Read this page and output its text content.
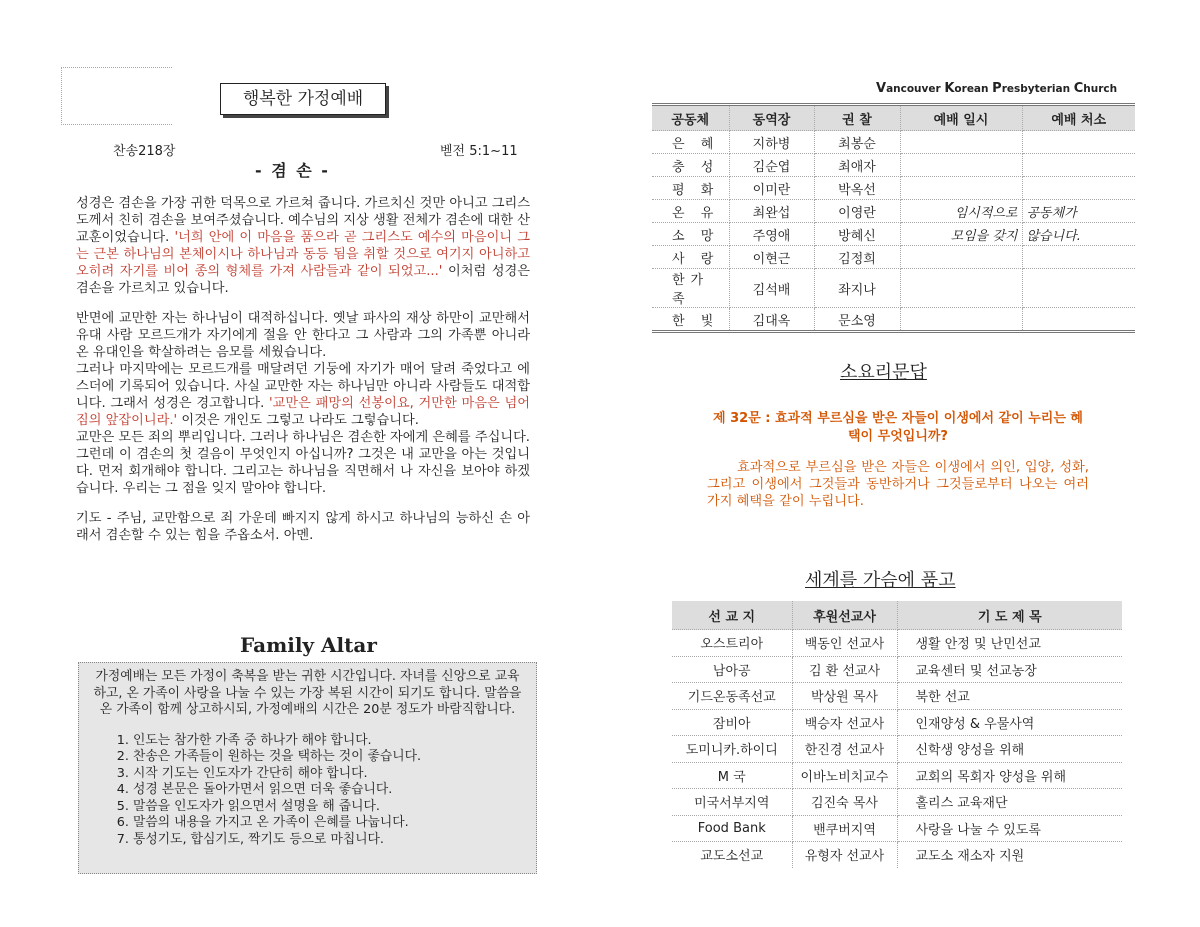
행복한 가정예배
찬송218장	벧전 5:1~11
- 겸 손 -

성경은 겸손을 가장 귀한 덕목으로 가르쳐 줍니다. 가르치신 것만 아니고 그리스도께서 친히 겸손을 보여주셨습니다. 예수님의 지상 생활 전체가 겸손에 대한 산 교훈이었습니다. '너희 안에 이 마음을 품으라 곧 그리스도 예수의 마음이니 그는 근본 하나님의 본체이시나 하나님과 동등 됨을 취할 것으로 여기지 아니하고 오히려 자기를 비어 종의 형체를 가져 사람들과 같이 되었고...' 이처럼 성경은 겸손을 가르치고 있습니다.

반면에 교만한 자는 하나님이 대적하십니다. 옛날 파사의 재상 하만이 교만해서 유대 사람 모르드개가 자기에게 절을 안 한다고 그 사람과 그의 가족뿐 아니라 온 유대인을 학살하려는 음모를 세웠습니다.

그러나 마지막에는 모르드개를 매달려던 기둥에 자기가 매어 달려 죽었다고 에스더에 기록되어 있습니다. 사실 교만한 자는 하나님만 아니라 사람들도 대적합니다. 그래서 성경은 경고합니다. '교만은 패망의 선봉이요, 거만한 마음은 넘어짐의 앞잡이니라.' 이것은 개인도 그렇고 나라도 그렇습니다.

교만은 모든 죄의 뿌리입니다. 그러나 하나님은 겸손한 자에게 은혜를 주십니다. 그런데 이 겸손의 첫 걸음이 무엇인지 아십니까? 그것은 내 교만을 아는 것입니다. 먼저 회개해야 합니다. 그리고는 하나님을 직면해서 나 자신을 보아야 하겠습니다. 우리는 그 점을 잊지 말아야 합니다.

기도 - 주님, 교만함으로 죄 가운데 빠지지 않게 하시고 하나님의 능하신 손 아래서 겸손할 수 있는 힘을 주옵소서. 아멘.

Family Altar

가정예배는 모든 가정이 축복을 받는 귀한 시간입니다. 자녀를 신앙으로 교육 하고, 온 가족이 사랑을 나눌 수 있는 가장 복된 시간이 되기도 합니다. 말씀을 온 가족이 함께 상고하시되, 가정예배의 시간은 20분 정도가 바람직합니다.

1. 인도는 참가한 가족 중 하나가 해야 합니다.
2. 찬송은 가족들이 원하는 것을 택하는 것이 좋습니다.
3. 시작 기도는 인도자가 간단히 해야 합니다.
4. 성경 본문은 돌아가면서 읽으면 더욱 좋습니다.
5. 말씀을 인도자가 읽으면서 설명을 해 줍니다.
6. 말씀의 내용을 가지고 온 가족이 은혜를 나눕니다.
7. 통성기도, 합심기도, 짝기도 등으로 마칩니다.
Vancouver Korean Presbyterian Church
공동체	동역장	권 찰	예배 일시	예배 처소
은 혜	지하병	최봉순		
충 성	김순엽	최애자		
평 화	이미란	박옥선		
온 유	최완섭	이영란	임시적으로	공동체가
소 망	주영애	방혜신	모임을 갖지	않습니다.
사 랑	이현근	김정희		
한가족	김석배	좌지나		
한 빛	김대옥	문소영		
소요리문답
제 32문 : 효과적 부르심을 받은 자들이 이생에서 같이 누리는 혜택이 무엇입니까?
효과적으로 부르심을 받은 자들은 이생에서 의인, 입양, 성화, 그리고 이생에서 그것들과 동반하거나 그것들로부터 나오는 여러 가지 혜택을 같이 누립니다.
세계를 가슴에 품고
선 교 지	후원선교사	기 도 제 목
오스트리아	백동인 선교사	생활 안정 및 난민선교
남아공	김 환 선교사	교육센터 및 선교농장
기드온동족선교	박상원 목사	북한 선교
잠비아	백승자 선교사	인재양성 & 우물사역
도미니카.하이디	한진경 선교사	신학생 양성을 위해
M 국	이바노비치교수	교회의 목회자 양성을 위해
미국서부지역	김진숙 목사	홀리스 교육재단
Food Bank	밴쿠버지역	사랑을 나눌 수 있도록
교도소선교	유형자 선교사	교도소 재소자 지원
